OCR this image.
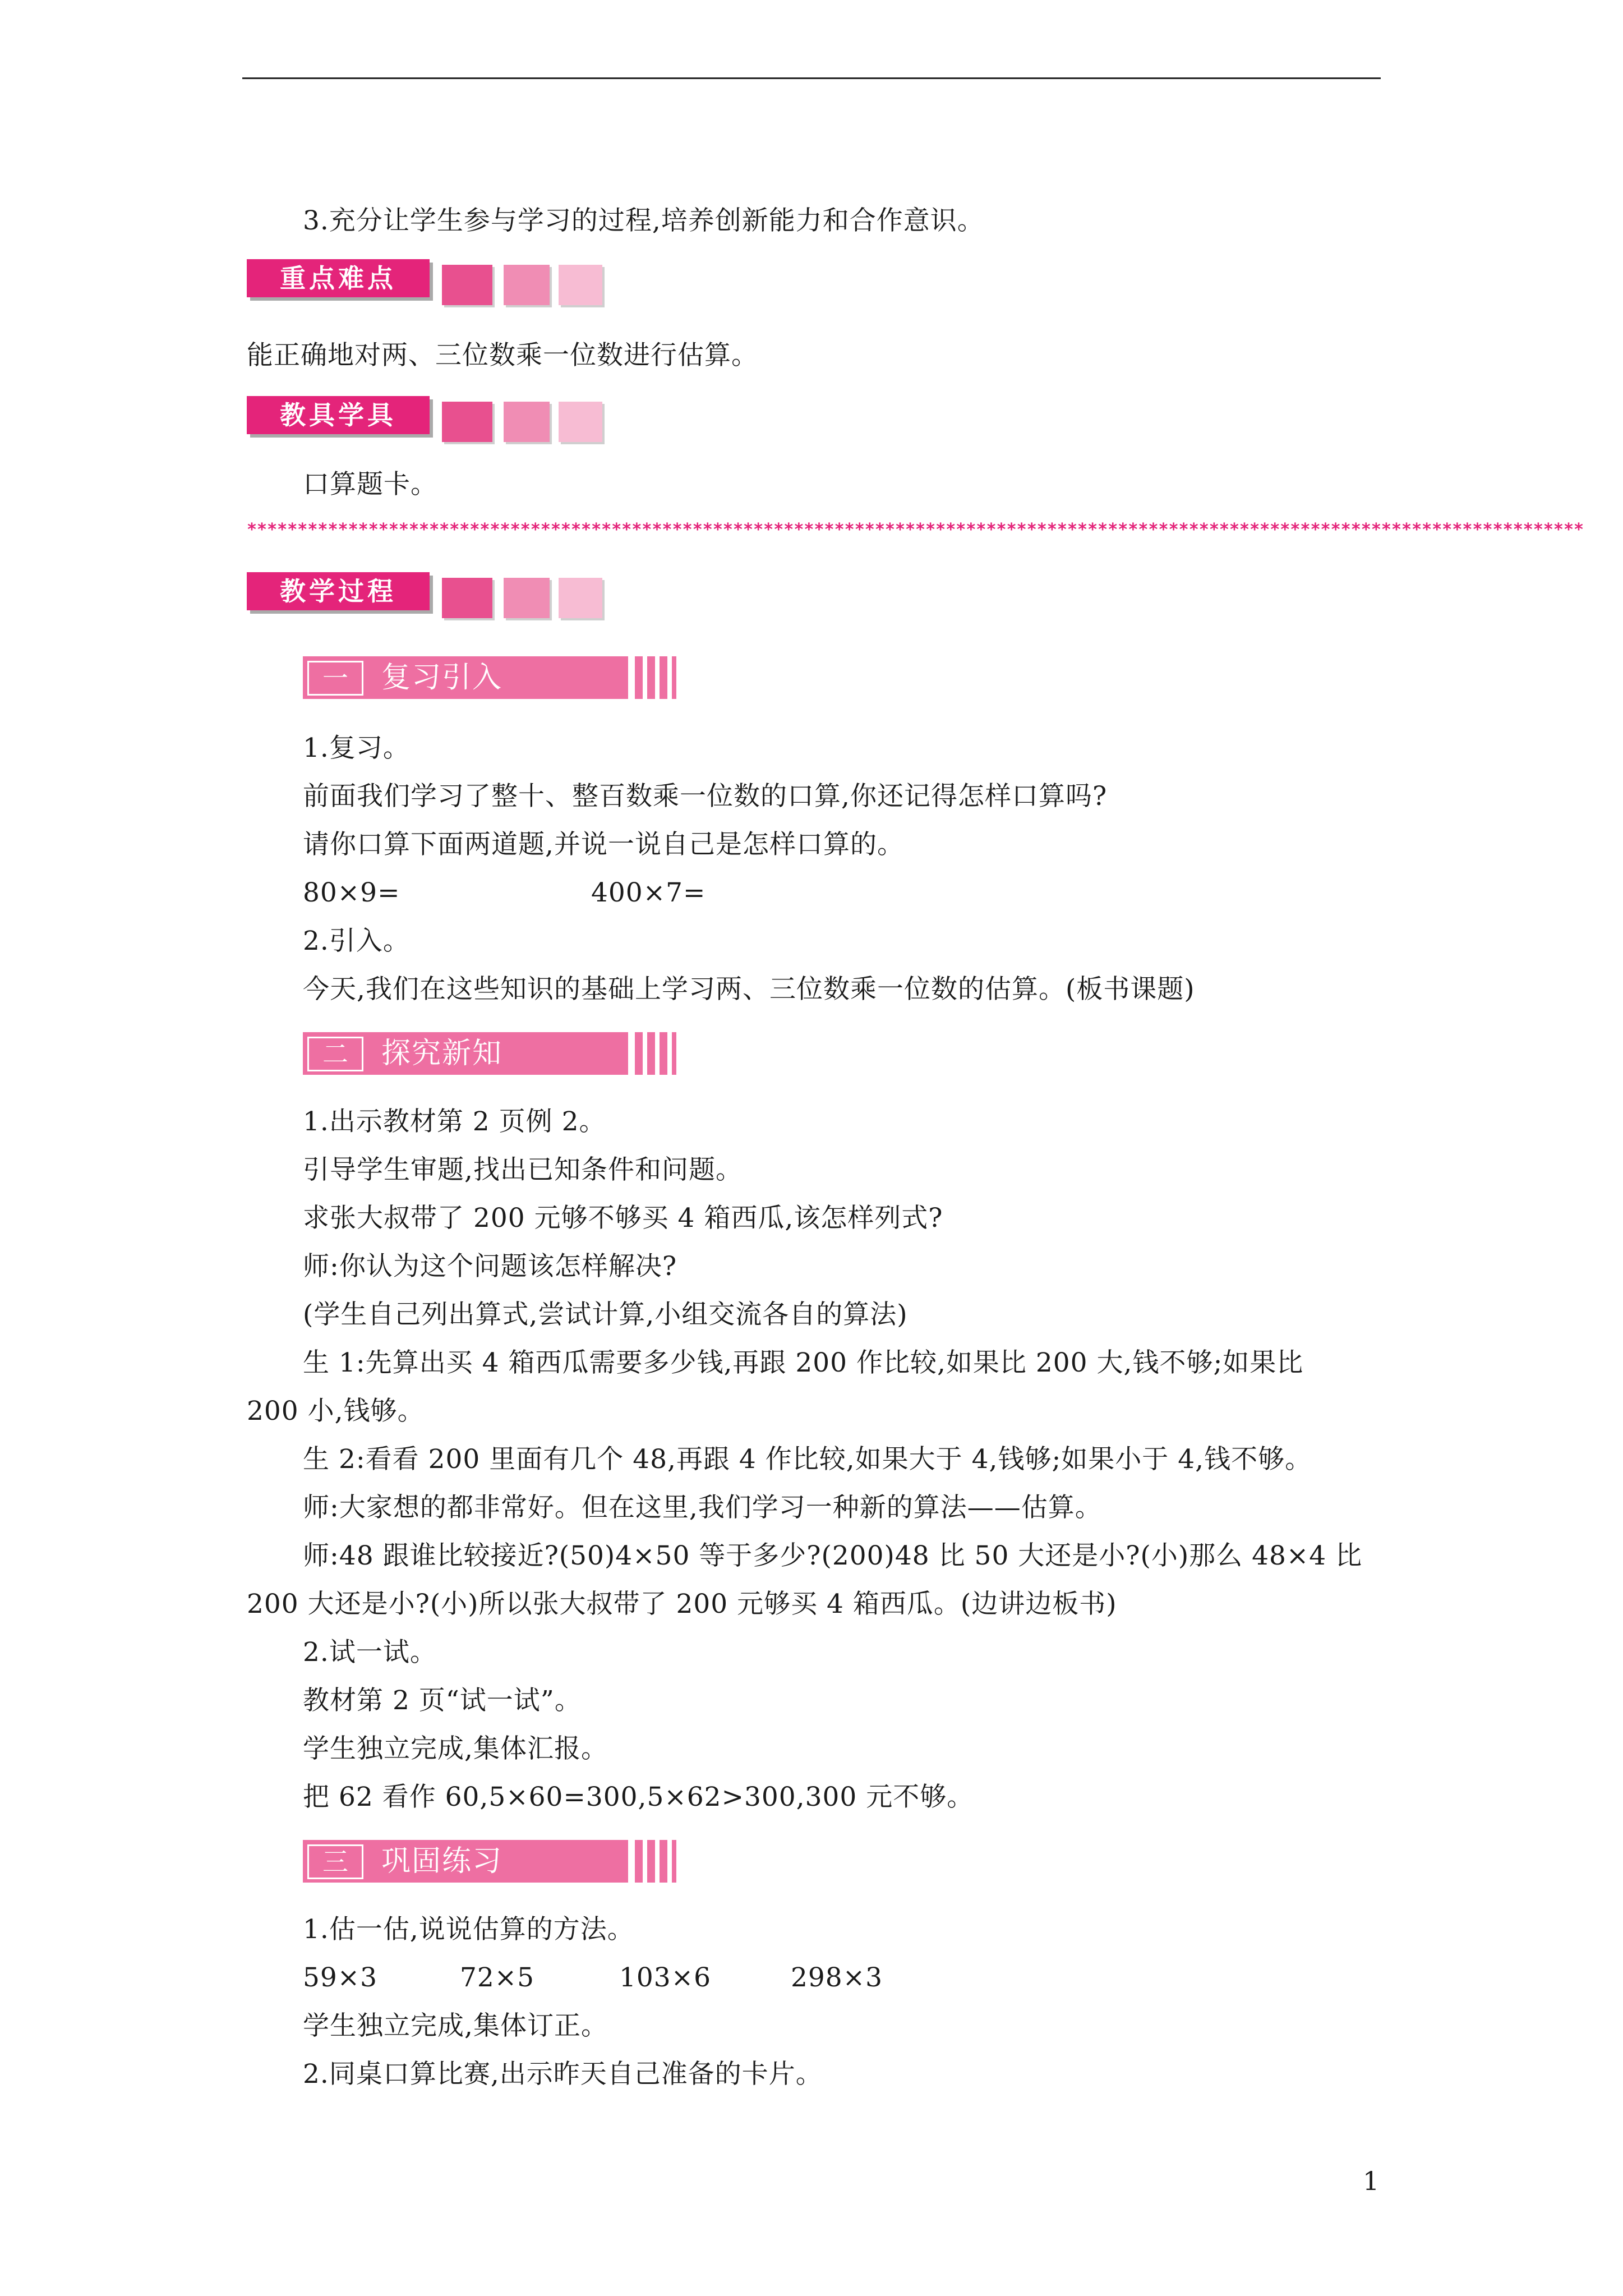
3.充分让学生参与学习的过程,培养创新能力和合作意识。
重点难点
能正确地对两、三位数乘一位数进行估算。
教具学具
口算题卡。
************************************************************************************************************************************
教学过程
一	复习引入
1.复习。
前面我们学习了整十、整百数乘一位数的口算,你还记得怎样口算吗?
请你口算下面两道题,并说一说自己是怎样口算的。
80×9=	400×7=
2.引入。
今天,我们在这些知识的基础上学习两、三位数乘一位数的估算。(板书课题)
二	探究新知
1.出示教材第 2 页例 2。
引导学生审题,找出已知条件和问题。
求张大叔带了 200 元够不够买 4 箱西瓜,该怎样列式?
师:你认为这个问题该怎样解决?
(学生自己列出算式,尝试计算,小组交流各自的算法)
生 1:先算出买 4 箱西瓜需要多少钱,再跟 200 作比较,如果比 200 大,钱不够;如果比
200 小,钱够。
生 2:看看 200 里面有几个 48,再跟 4 作比较,如果大于 4,钱够;如果小于 4,钱不够。
师:大家想的都非常好。但在这里,我们学习一种新的算法——估算。
师:48 跟谁比较接近?(50)4×50 等于多少?(200)48 比 50 大还是小?(小)那么 48×4 比
200 大还是小?(小)所以张大叔带了 200 元够买 4 箱西瓜。(边讲边板书)
2.试一试。
教材第 2 页“试一试”。
学生独立完成,集体汇报。
把 62 看作 60,5×60=300,5×62>300,300 元不够。
三	巩固练习
1.估一估,说说估算的方法。
59×3	72×5	103×6	298×3
学生独立完成,集体订正。
2.同桌口算比赛,出示昨天自己准备的卡片。
1
